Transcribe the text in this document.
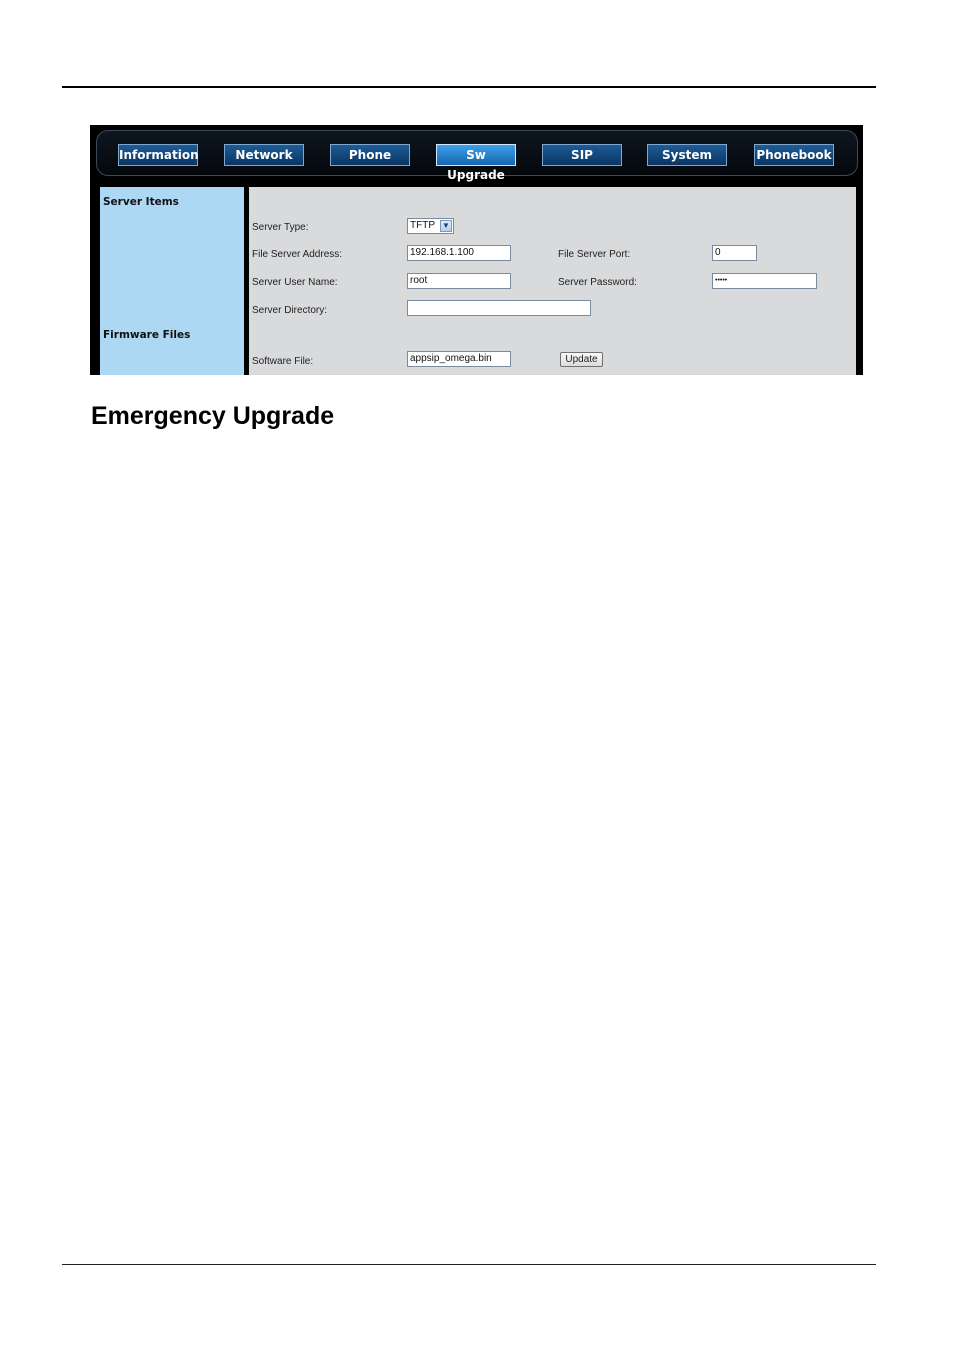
Information	Network	Phone	Sw Upgrade
SIP	System	Phonebook
Server Items
Firmware Files
Server Type:	TFTP ▼
File Server Address:	192.168.1.100	File Server Port:	0
Server User Name:	root	Server Password:	•••••
Server Directory:
Software File:	appsip_omega.bin	Update
Emergency Upgrade
